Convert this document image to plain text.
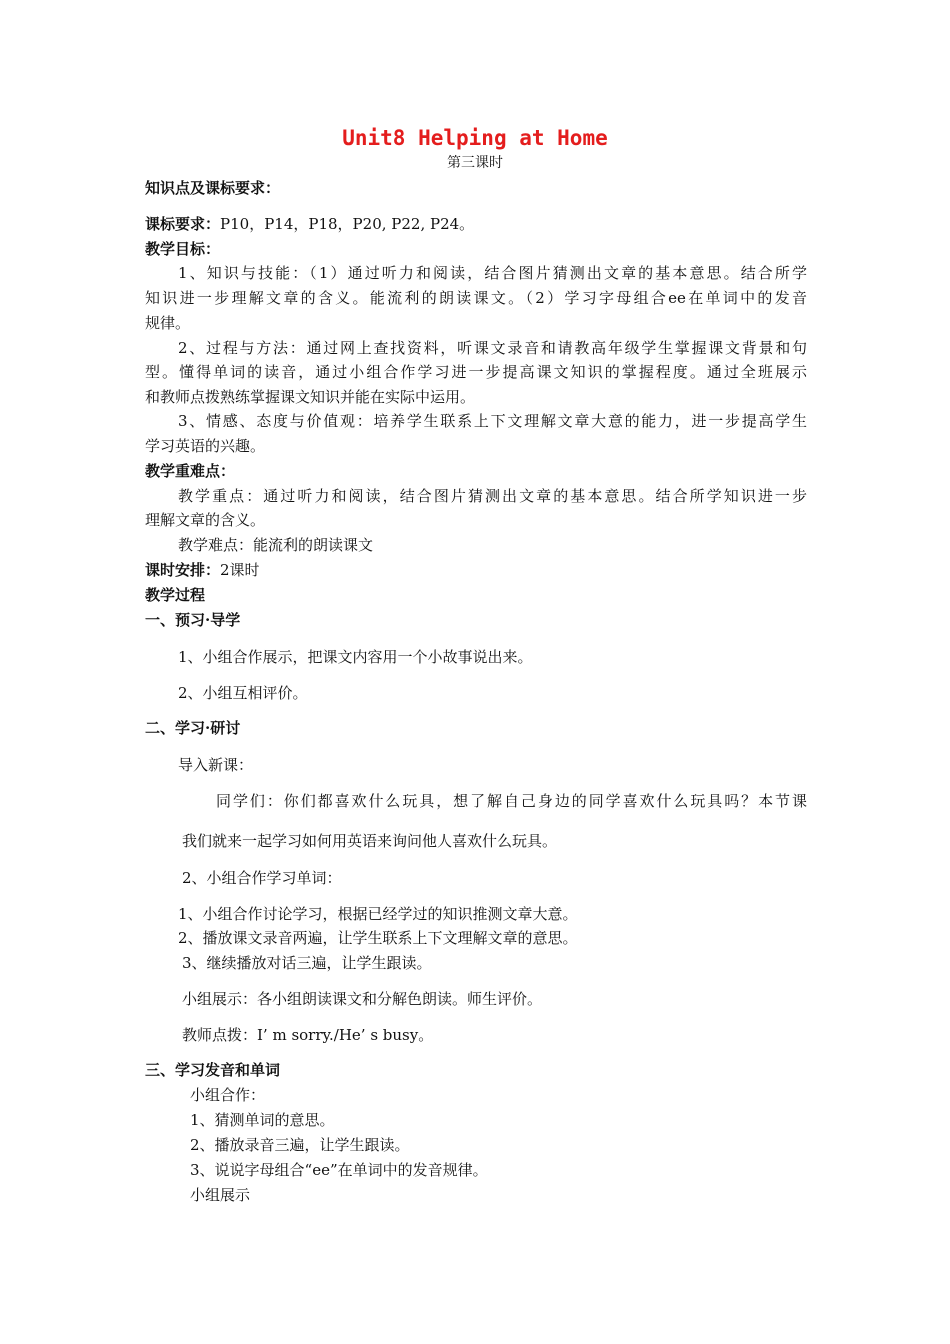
Unit8 Helping at Home
第三课时
知识点及课标要求：
课标要求：P10，P14，P18，P20, P22, P24。
教学目标：
1、知识与技能：（1）通过听力和阅读，结合图片猜测出文章的基本意思。结合所学
知识进一步理解文章的含义。能流利的朗读课文。（2）学习字母组合ee在单词中的发音
规律。
2、过程与方法：通过网上查找资料，听课文录音和请教高年级学生掌握课文背景和句
型。懂得单词的读音，通过小组合作学习进一步提高课文知识的掌握程度。通过全班展示
和教师点拨熟练掌握课文知识并能在实际中运用。
3、情感、态度与价值观：培养学生联系上下文理解文章大意的能力，进一步提高学生
学习英语的兴趣。
教学重难点：
教学重点：通过听力和阅读，结合图片猜测出文章的基本意思。结合所学知识进一步
理解文章的含义。
教学难点：能流利的朗读课文
课时安排：2课时
教学过程
一、预习·导学
1、小组合作展示，把课文内容用一个小故事说出来。
2、小组互相评价。
二、学习·研讨
导入新课：
同学们：你们都喜欢什么玩具，想了解自己身边的同学喜欢什么玩具吗？本节课
我们就来一起学习如何用英语来询问他人喜欢什么玩具。
2、小组合作学习单词：
1、小组合作讨论学习，根据已经学过的知识推测文章大意。
2、播放课文录音两遍，让学生联系上下文理解文章的意思。
3、继续播放对话三遍，让学生跟读。
小组展示：各小组朗读课文和分解色朗读。师生评价。
教师点拨：I’ m sorry./He’ s busy。
三、学习发音和单词
小组合作：
1、猜测单词的意思。
2、播放录音三遍，让学生跟读。
3、说说字母组合“ee”在单词中的发音规律。
小组展示
